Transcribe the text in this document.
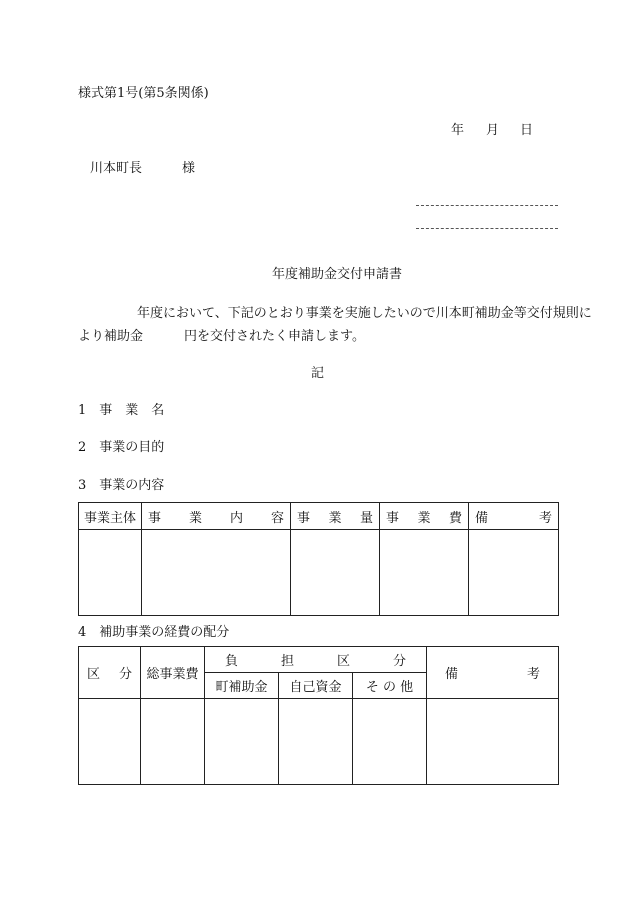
様式第1号(第5条関係)
年 月 日
川本町長	様
年度補助金交付申請書
年度において、下記のとおり事業を実施したいので川本町補助金等交付規則に
より補助金	円を交付されたく申請します。
記
1　事　業　名
2　事業の目的
3　事業の内容
事業主体	事 業 内 容	事 業 量	事 業 費	備 考

4　補助事業の経費の配分
区 分	総事業費	負 担 区 分			備 考

		町補助金	自己資金	そ の 他	
